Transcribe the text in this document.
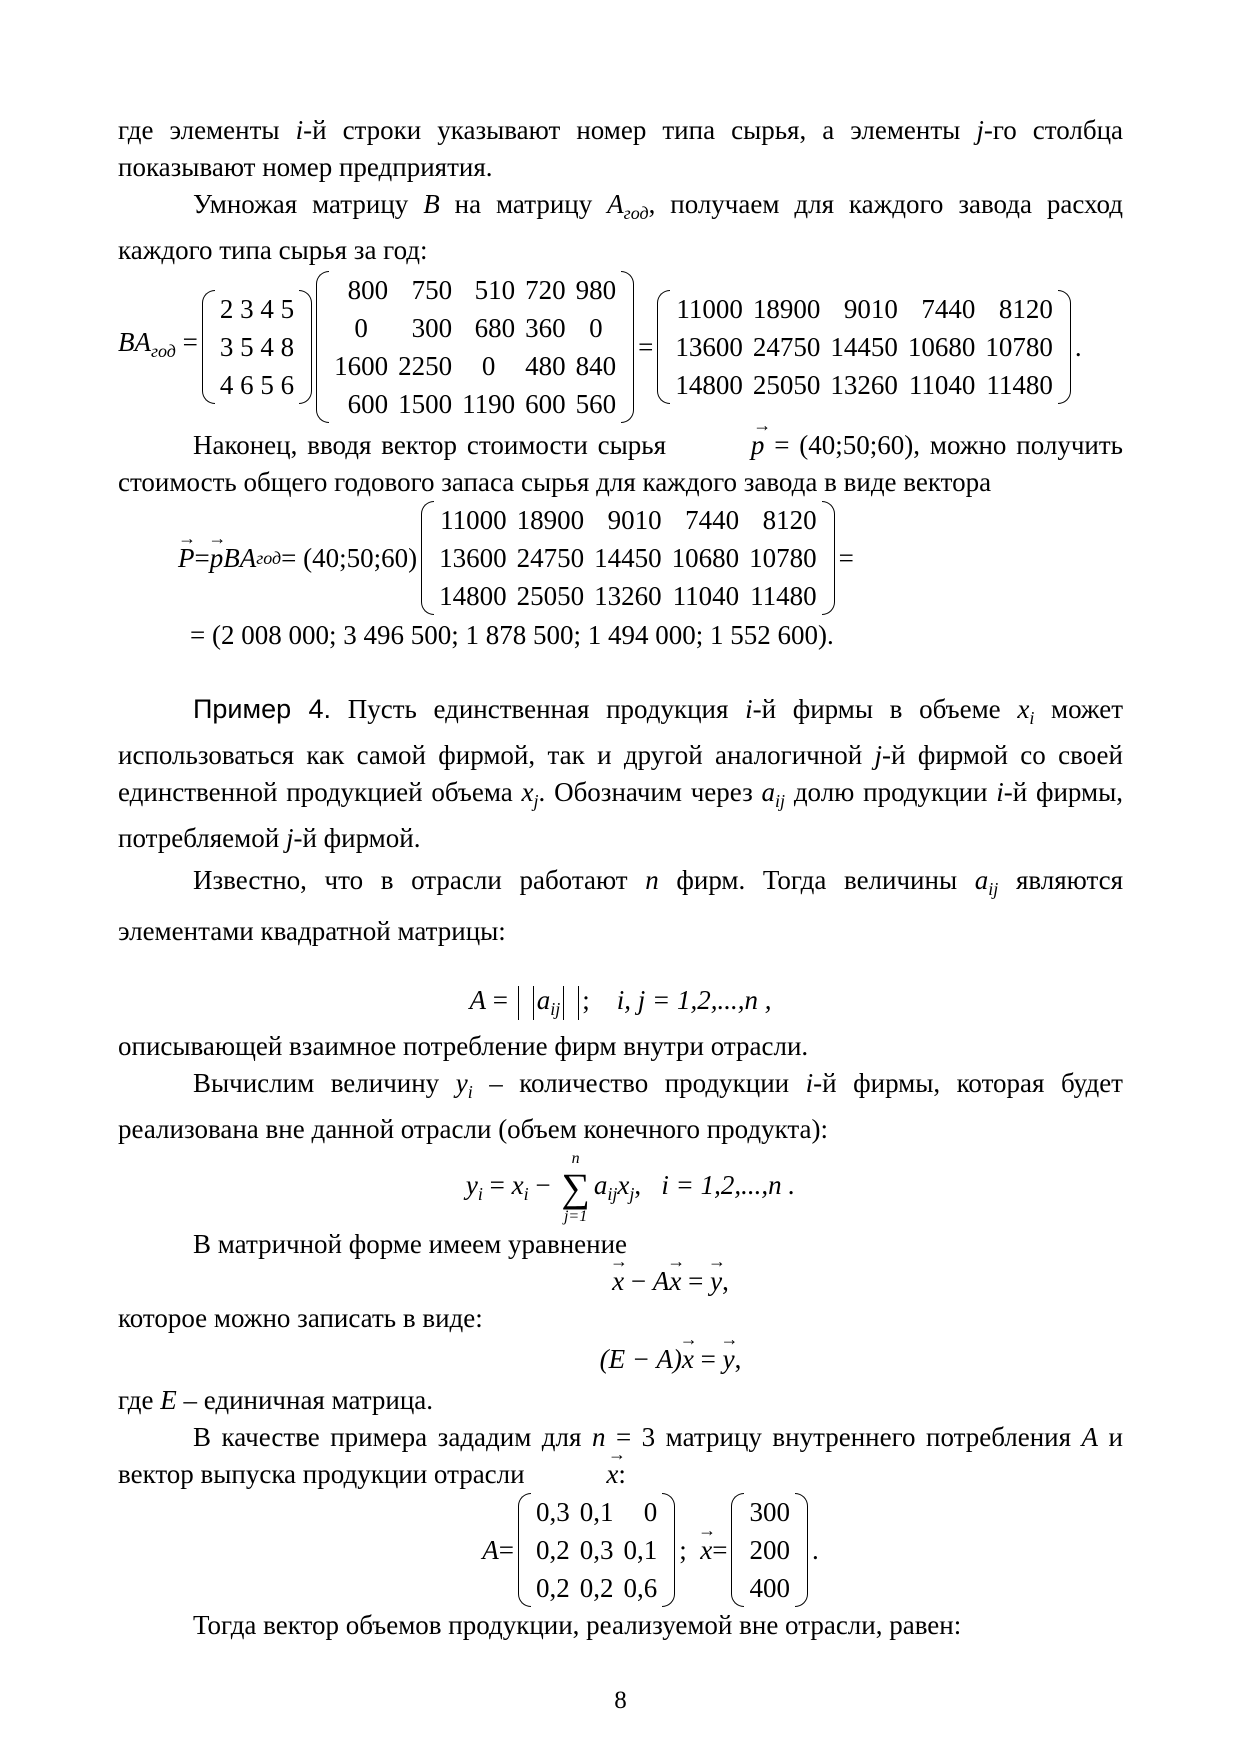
где элементы i-й строки указывают номер типа сырья, а элементы j-го столбца показывают номер предприятия.

Умножая матрицу B на матрицу $A_{год}$, получаем для каждого завода расход каждого типа сырья за год:

$BA_{год}$ =
2 3 4 5
3 5 4 8
4 6 5 6
800	750	510	720	980
0	300	680	360	0
1600	2250	0	480	840
600	1500	1190	600	560
=
11000	18900	9010	7440	8120
13600	24750	14450	10680	10780
14800	25050	13260	11040	11480
.

Наконец, вводя вектор стоимости сырья	→ p = (40;50;60), можно получить стоимость общего годового запаса сырья для каждого завода в виде вектора

→ P = → p BA год = (40;50;60)
11000	18900	9010	7440	8120
13600	24750	14450	10680	10780
14800	25050	13260	11040	11480
=
= (2 008 000; 3 496 500; 1 878 500; 1 494 000; 1 552 600).

Пример 4. Пусть единственная продукция i-й фирмы в объеме $x_i$ может использоваться как самой фирмой, так и другой аналогичной j-й фирмой со своей единственной продукцией объема $x_j$. Обозначим через $a_{ij}$ долю продукции i-й фирмы, потребляемой j-й фирмой.

Известно, что в отрасли работают n фирм. Тогда величины $a_{ij}$ являются элементами квадратной матрицы:

$A = a_{ij}$ ; i, j = 1,2,...,n ,

описывающей взаимное потребление фирм внутри отрасли.

Вычислим величину $y_i$ – количество продукции i-й фирмы, которая будет реализована вне данной отрасли (объем конечного продукта):

$y_i = x_i$ −
n
∑
j=1
$a_{ij}x_j$, i = 1,2,...,n .

В матричной форме имеем уравнение

→ x − A→ x = → y,

которое можно записать в виде:

(E − A)→ x = → y,

где E – единичная матрица.

В качестве примера зададим для n = 3 матрицу внутреннего потребления A и вектор выпуска продукции отрасли	→ x:

A =
0,3	0,1	0
0,2	0,3	0,1
0,2	0,2	0,6
;
→ x =
300
200
400
.

Тогда вектор объемов продукции, реализуемой вне отрасли, равен:

8
